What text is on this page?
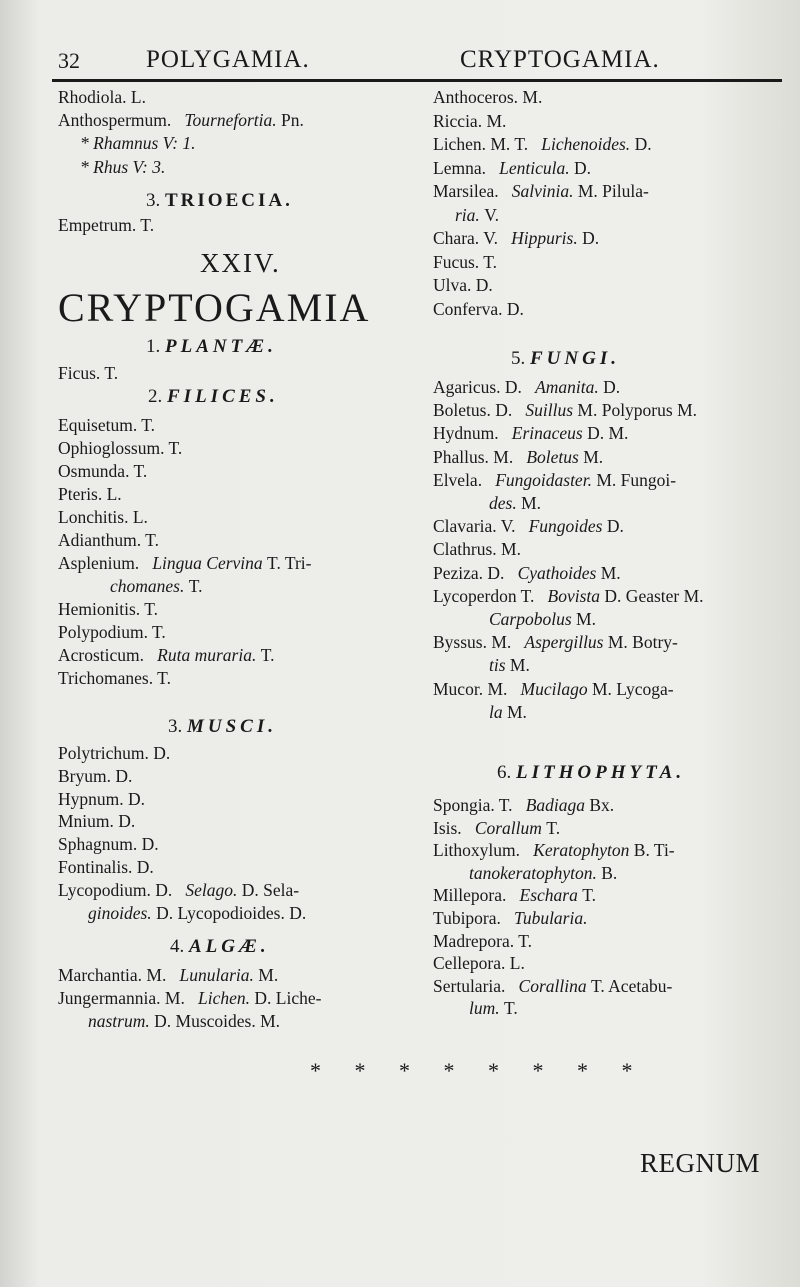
32	POLYGAMIA.	CRYPTOGAMIA.
Rhodiola. L.
Anthospermum. Tournefortia. Pn.
* Rhamnus V: 1.
* Rhus V: 3.
3. TRIOECIA.
Empetrum. T.
XXIV.
CRYPTOGAMIA
1. PLANTÆ.
Ficus. T.
2. FILICES.
Equisetum. T.
Ophioglossum. T.
Osmunda. T.
Pteris. L.
Lonchitis. L.
Adianthum. T.
Asplenium. Lingua Cervina T. Tri-
chomanes. T.
Hemionitis. T.
Polypodium. T.
Acrosticum. Ruta muraria. T.
Trichomanes. T.
3. MUSCI.
Polytrichum. D.
Bryum. D.
Hypnum. D.
Mnium. D.
Sphagnum. D.
Fontinalis. D.
Lycopodium. D. Selago. D. Sela-
ginoides. D. Lycopodioides. D.
4. ALGÆ.
Marchantia. M. Lunularia. M.
Jungermannia. M. Lichen. D. Liche-
nastrum. D. Muscoides. M.
Anthoceros. M.
Riccia. M.
Lichen. M. T. Lichenoides. D.
Lemna. Lenticula. D.
Marsilea. Salvinia. M. Pilula-
ria. V.
Chara. V. Hippuris. D.
Fucus. T.
Ulva. D.
Conferva. D.
5. FUNGI.
Agaricus. D. Amanita. D.
Boletus. D. Suillus M. Polyporus M.
Hydnum. Erinaceus D. M.
Phallus. M. Boletus M.
Elvela. Fungoidaster. M. Fungoi-
des. M.
Clavaria. V. Fungoides D.
Clathrus. M.
Peziza. D. Cyathoides M.
Lycoperdon T. Bovista D. Geaster M.
Carpobolus M.
Byssus. M. Aspergillus M. Botry-
tis M.
Mucor. M. Mucilago M. Lycoga-
la M.
6. LITHOPHYTA.
Spongia. T. Badiaga Bx.
Isis. Corallum T.
Lithoxylum. Keratophyton B. Ti-
tanokeratophyton. B.
Millepora. Eschara T.
Tubipora. Tubularia.
Madrepora. T.
Cellepora. L.
Sertularia. Corallina T. Acetabu-
lum. T.
* * * * * * * *
REGNUM
